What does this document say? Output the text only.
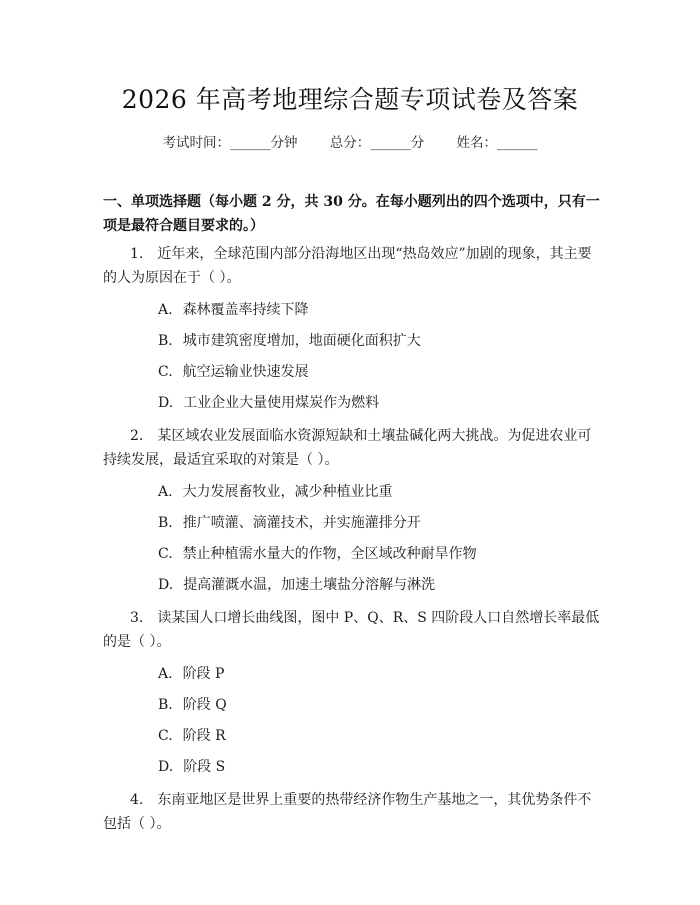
2026 年高考地理综合题专项试卷及答案
考试时间：______分钟 总分：______分 姓名：______
一、单项选择题（每小题 2 分，共 30 分。在每小题列出的四个选项中，只有一项是最符合题目要求的。）
1. 近年来，全球范围内部分沿海地区出现“热岛效应”加剧的现象，其主要的人为原因在于（ ）。
A. 森林覆盖率持续下降
B. 城市建筑密度增加，地面硬化面积扩大
C. 航空运输业快速发展
D. 工业企业大量使用煤炭作为燃料
2. 某区域农业发展面临水资源短缺和土壤盐碱化两大挑战。为促进农业可持续发展，最适宜采取的对策是（ ）。
A. 大力发展畜牧业，减少种植业比重
B. 推广喷灌、滴灌技术，并实施灌排分开
C. 禁止种植需水量大的作物，全区域改种耐旱作物
D. 提高灌溉水温，加速土壤盐分溶解与淋洗
3. 读某国人口增长曲线图，图中 P、Q、R、S 四阶段人口自然增长率最低的是（ ）。
A. 阶段 P
B. 阶段 Q
C. 阶段 R
D. 阶段 S
4. 东南亚地区是世界上重要的热带经济作物生产基地之一，其优势条件不包括（ ）。
